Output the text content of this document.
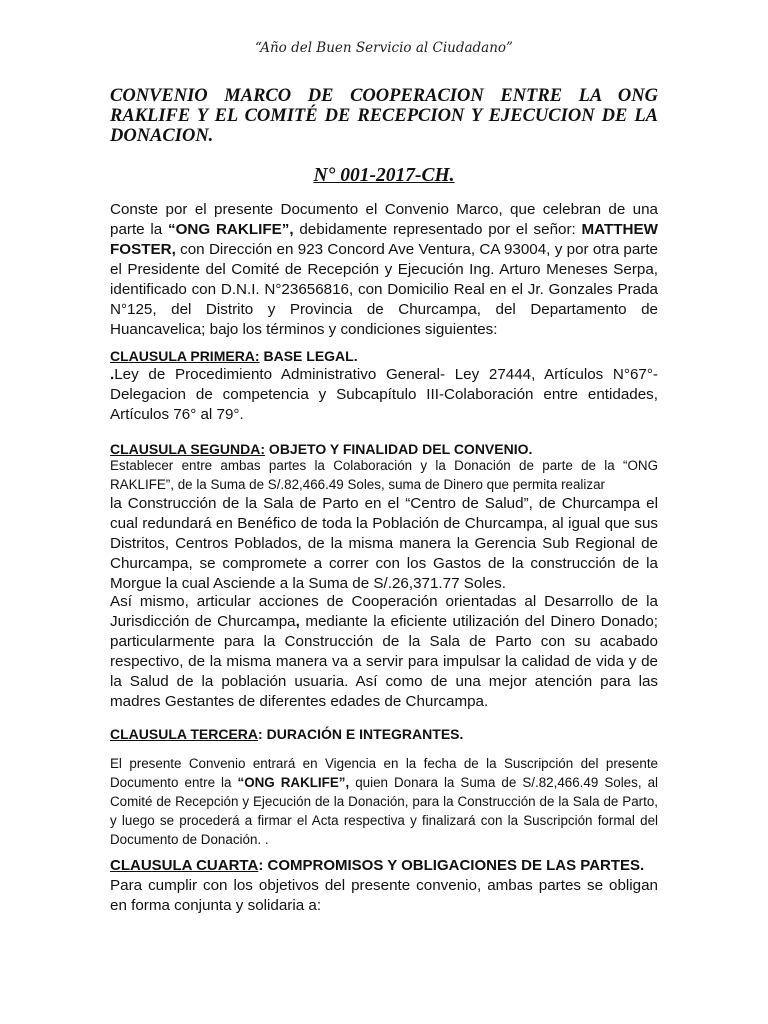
“Año del Buen Servicio al Ciudadano”
CONVENIO MARCO DE COOPERACION ENTRE LA ONG RAKLIFE Y EL COMITÉ DE RECEPCION Y EJECUCION DE LA DONACION.
N° 001-2017-CH.

Conste por el presente Documento el Convenio Marco, que celebran de una parte la “ONG RAKLIFE”, debidamente representado por el señor: MATTHEW FOSTER, con Dirección en 923 Concord Ave Ventura, CA 93004, y por otra parte el Presidente del Comité de Recepción y Ejecución Ing. Arturo Meneses Serpa, identificado con D.N.I. N°23656816, con Domicilio Real en el Jr. Gonzales Prada N°125, del Distrito y Provincia de Churcampa, del Departamento de Huancavelica; bajo los términos y condiciones siguientes:

CLAUSULA PRIMERA: BASE LEGAL.

.Ley de Procedimiento Administrativo General- Ley 27444, Artículos N°67°- Delegacion de competencia y Subcapítulo III-Colaboración entre entidades, Artículos 76° al 79°.

CLAUSULA SEGUNDA: OBJETO Y FINALIDAD DEL CONVENIO.

Establecer entre ambas partes la Colaboración y la Donación de parte de la “ONG RAKLIFE”, de la Suma de S/.82,466.49 Soles, suma de Dinero que permita realizar

la Construcción de la Sala de Parto en el “Centro de Salud”, de Churcampa el cual redundará en Benéfico de toda la Población de Churcampa, al igual que sus Distritos, Centros Poblados, de la misma manera la Gerencia Sub Regional de Churcampa, se compromete a correr con los Gastos de la construcción de la Morgue la cual Asciende a la Suma de S/.26,371.77 Soles.

Así mismo, articular acciones de Cooperación orientadas al Desarrollo de la Jurisdicción de Churcampa, mediante la eficiente utilización del Dinero Donado; particularmente para la Construcción de la Sala de Parto con su acabado respectivo, de la misma manera va a servir para impulsar la calidad de vida y de la Salud de la población usuaria. Así como de una mejor atención para las madres Gestantes de diferentes edades de Churcampa.

CLAUSULA TERCERA: DURACIÓN E INTEGRANTES.

El presente Convenio entrará en Vigencia en la fecha de la Suscripción del presente Documento entre la “ONG RAKLIFE”, quien Donara la Suma de S/.82,466.49 Soles, al Comité de Recepción y Ejecución de la Donación, para la Construcción de la Sala de Parto, y luego se procederá a firmar el Acta respectiva y finalizará con la Suscripción formal del Documento de Donación. .

CLAUSULA CUARTA: COMPROMISOS Y OBLIGACIONES DE LAS PARTES.

Para cumplir con los objetivos del presente convenio, ambas partes se obligan en forma conjunta y solidaria a:
